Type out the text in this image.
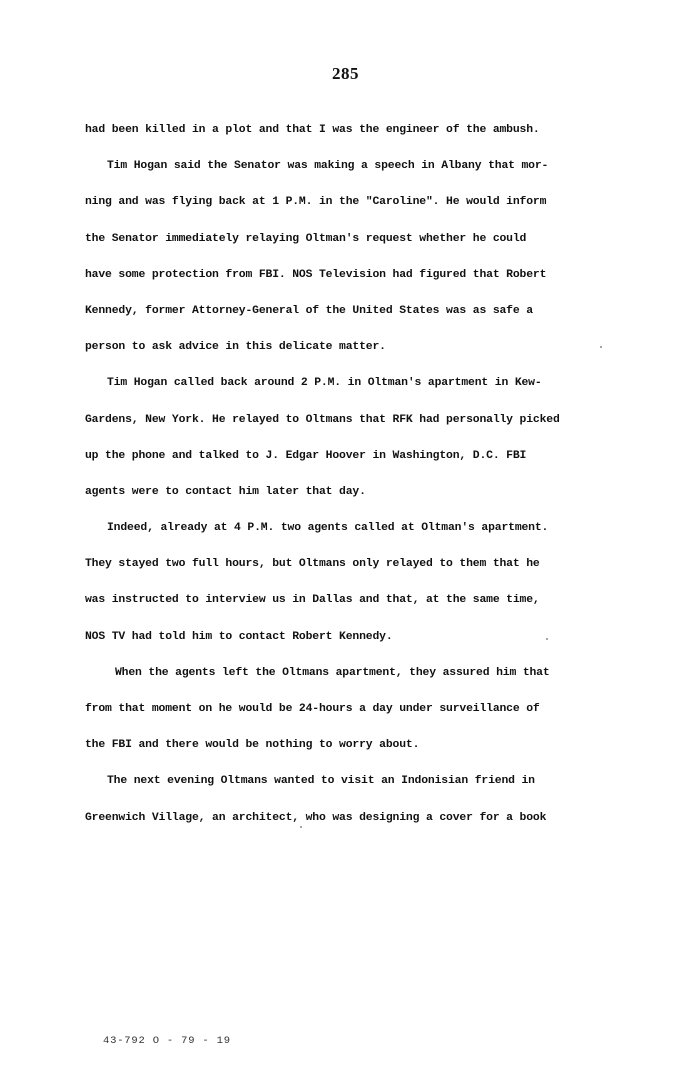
285
had been killed in a plot and that I was the engineer of the ambush.
Tim Hogan said the Senator was making a speech in Albany that mor-
ning and was flying back at 1 P.M. in the "Caroline". He would inform
the Senator immediately relaying Oltman's request whether he could
have some protection from FBI. NOS Television had figured that Robert
Kennedy, former Attorney-General of the United States was as safe a
person to ask advice in this delicate matter.
Tim Hogan called back around 2 P.M. in Oltman's apartment in Kew-
Gardens, New York. He relayed to Oltmans that RFK had personally picked
up the phone and talked to J. Edgar Hoover in Washington, D.C. FBI
agents were to contact him later that day.
Indeed, already at 4 P.M. two agents called at Oltman's apartment.
They stayed two full hours, but Oltmans only relayed to them that he
was instructed to interview us in Dallas and that, at the same time,
NOS TV had told him to contact Robert Kennedy.
When the agents left the Oltmans apartment, they assured him that
from that moment on he would be 24-hours a day under surveillance of
the FBI and there would be nothing to worry about.
The next evening Oltmans wanted to visit an Indonisian friend in
Greenwich Village, an architect, who was designing a cover for a book
43-792 O - 79 - 19
